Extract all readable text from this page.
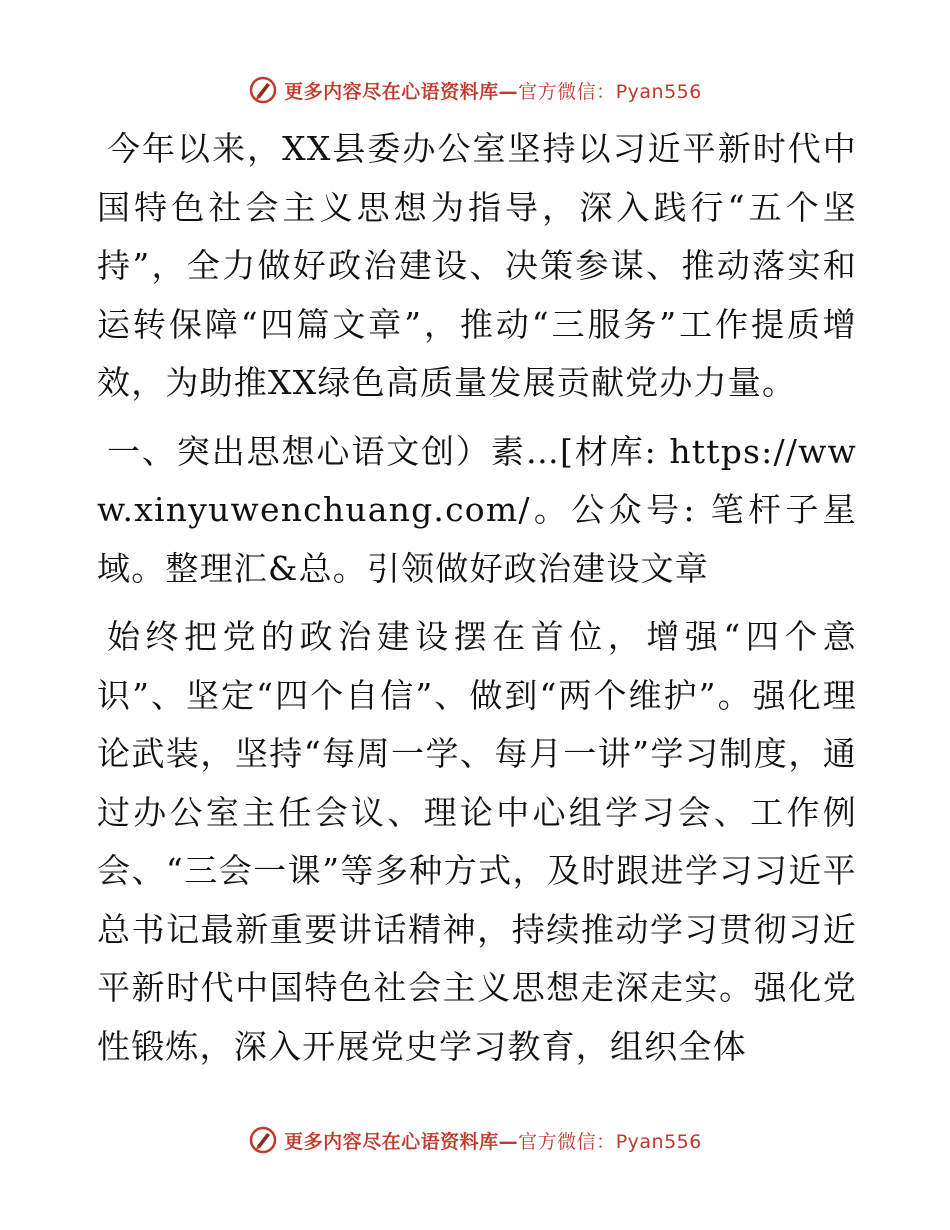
更多内容尽在心语资料库—官方微信：Pyan556

今年以来，XX县委办公室坚持以习近平新时代中国特色社会主义思想为指导，深入践行“五个坚持”，全力做好政治建设、决策参谋、推动落实和运转保障“四篇文章”，推动“三服务”工作提质增效，为助推XX绿色高质量发展贡献党办力量。

一、突出思想心语文创）素…[材库: https://www.xinyuwenchuang.com/。公众号: 笔杆子星域。整理汇&总。引领做好政治建设文章

始终把党的政治建设摆在首位，增强“四个意识”、坚定“四个自信”、做到“两个维护”。强化理论武装，坚持“每周一学、每月一讲”学习制度，通过办公室主任会议、理论中心组学习会、工作例会、“三会一课”等多种方式，及时跟进学习习近平总书记最新重要讲话精神，持续推动学习贯彻习近平新时代中国特色社会主义思想走深走实。强化党性锻炼，深入开展党史学习教育，组织全体

更多内容尽在心语资料库—官方微信：Pyan556
